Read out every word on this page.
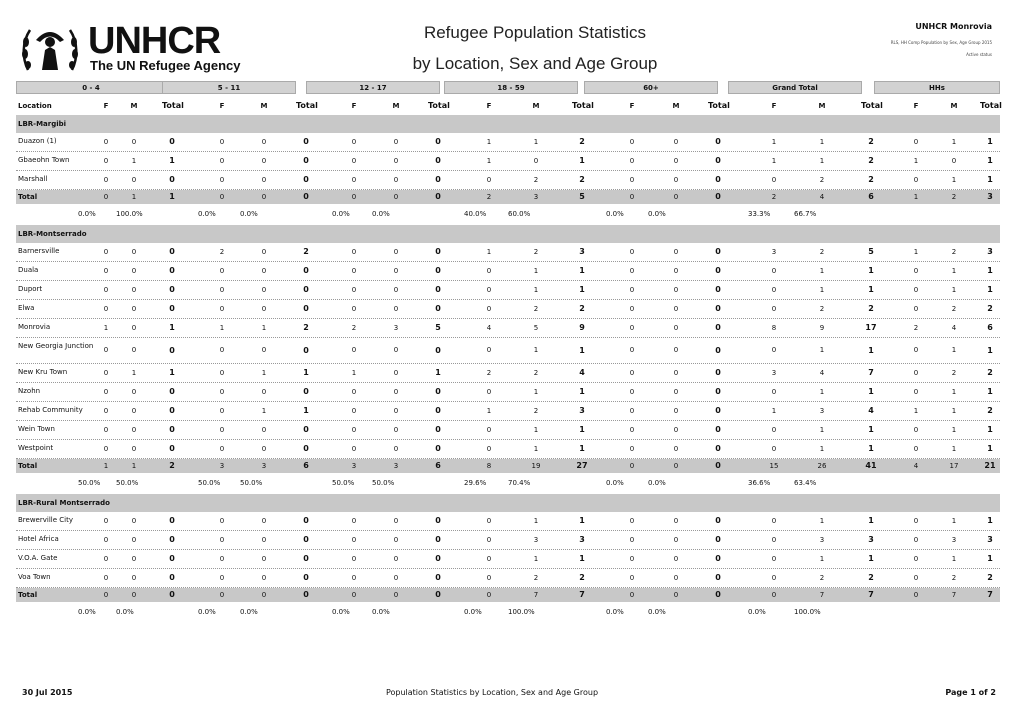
UNHCR
The UN Refugee Agency
Refugee Population Statistics
by Location, Sex and Age Group
UNHCR Monrovia
RLS, HH Comp Population by Sex, Age Group 2015
Active status
0 - 4	5 - 11	12 - 17	18 - 59	60+	Grand Total	HHs
Location	F	M	Total	F	M	Total	F	M	Total	F	M	Total	F	M	Total	F	M	Total	F	M	Total
LBR-Margibi
Duazon (1)	0	0	0	0	0	0	0	0	0	1	1	2	0	0	0	1	1	2	0	1	1
Gbaeohn Town	0	1	1	0	0	0	0	0	0	1	0	1	0	0	0	1	1	2	1	0	1
Marshall	0	0	0	0	0	0	0	0	0	0	2	2	0	0	0	0	2	2	0	1	1
Total	0	1	1	0	0	0	0	0	0	2	3	5	0	0	0	2	4	6	1	2	3
0.0%	100.0%	0.0%	0.0%	0.0%	0.0%	40.0%	60.0%	0.0%	0.0%	33.3%	66.7%
LBR-Montserrado
Barnersville	0	0	0	2	0	2	0	0	0	1	2	3	0	0	0	3	2	5	1	2	3
Duala	0	0	0	0	0	0	0	0	0	0	1	1	0	0	0	0	1	1	0	1	1
Duport	0	0	0	0	0	0	0	0	0	0	1	1	0	0	0	0	1	1	0	1	1
Elwa	0	0	0	0	0	0	0	0	0	0	2	2	0	0	0	0	2	2	0	2	2
Monrovia	1	0	1	1	1	2	2	3	5	4	5	9	0	0	0	8	9	17	2	4	6
New Georgia Junction	0	0	0	0	0	0	0	0	0	0	1	1	0	0	0	0	1	1	0	1	1
New Kru Town	0	1	1	0	1	1	1	0	1	2	2	4	0	0	0	3	4	7	0	2	2
Nzohn	0	0	0	0	0	0	0	0	0	0	1	1	0	0	0	0	1	1	0	1	1
Rehab Community	0	0	0	0	1	1	0	0	0	1	2	3	0	0	0	1	3	4	1	1	2
Wein Town	0	0	0	0	0	0	0	0	0	0	1	1	0	0	0	0	1	1	0	1	1
Westpoint	0	0	0	0	0	0	0	0	0	0	1	1	0	0	0	0	1	1	0	1	1
Total	1	1	2	3	3	6	3	3	6	8	19	27	0	0	0	15	26	41	4	17	21
50.0% 50.0%	50.0%	50.0%	50.0%	50.0%	29.6%	70.4%	0.0%	0.0%	36.6%	63.4%
LBR-Rural Montserrado
Brewerville City	0	0	0	0	0	0	0	0	0	0	1	1	0	0	0	0	1	1	0	1	1
Hotel Africa	0	0	0	0	0	0	0	0	0	0	3	3	0	0	0	0	3	3	0	3	3
V.O.A. Gate	0	0	0	0	0	0	0	0	0	0	1	1	0	0	0	0	1	1	0	1	1
Voa Town	0	0	0	0	0	0	0	0	0	0	2	2	0	0	0	0	2	2	0	2	2
Total	0	0	0	0	0	0	0	0	0	0	7	7	0	0	0	0	7	7	0	7	7
0.0%	0.0%	0.0%	0.0%	0.0%	0.0%	0.0%	100.0%	0.0%	0.0%	0.0%	100.0%
30 Jul 2015	Population Statistics by Location, Sex and Age Group	Page 1 of 2
